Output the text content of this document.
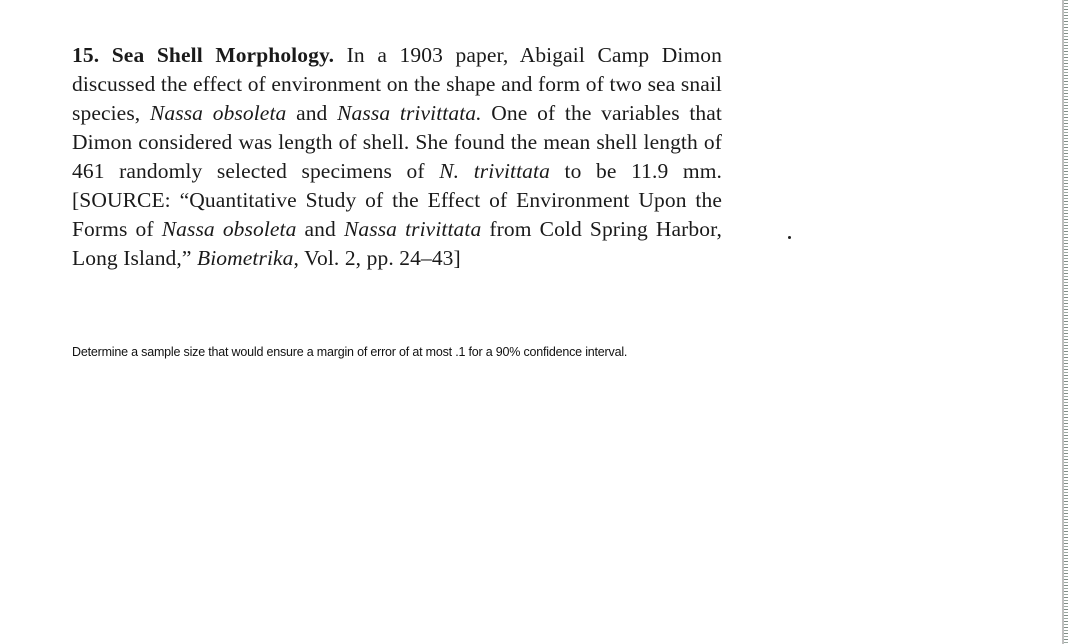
15. Sea Shell Morphology. In a 1903 paper, Abigail Camp Dimon discussed the effect of environment on the shape and form of two sea snail species, Nassa obsoleta and Nassa trivittata. One of the variables that Dimon considered was length of shell. She found the mean shell length of 461 randomly selected specimens of N. trivittata to be 11.9 mm. [SOURCE: “Quantitative Study of the Effect of Environment Upon the Forms of Nassa obsoleta and Nassa trivittata from Cold Spring Harbor, Long Island,” Biometrika, Vol. 2, pp. 24–43]
Determine a sample size that would ensure a margin of error of at most .1 for a 90% confidence interval.
